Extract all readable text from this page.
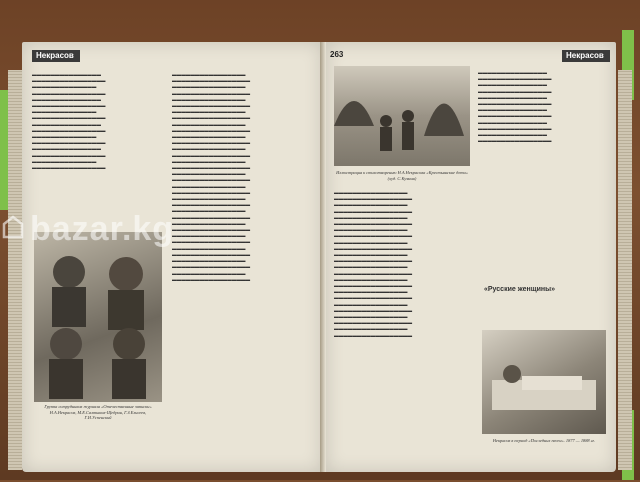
Некрасов
▬▬▬▬▬▬▬▬▬▬▬▬▬▬▬ ▬▬▬▬▬▬▬▬▬▬▬▬▬▬▬▬ ▬▬▬▬▬▬▬▬▬▬▬▬▬▬ ▬▬▬▬▬▬▬▬▬▬▬▬▬▬▬▬ ▬▬▬▬▬▬▬▬▬▬▬▬▬▬▬ ▬▬▬▬▬▬▬▬▬▬▬▬▬▬▬▬ ▬▬▬▬▬▬▬▬▬▬▬▬▬▬ ▬▬▬▬▬▬▬▬▬▬▬▬▬▬▬▬ ▬▬▬▬▬▬▬▬▬▬▬▬▬▬▬ ▬▬▬▬▬▬▬▬▬▬▬▬▬▬▬▬ ▬▬▬▬▬▬▬▬▬▬▬▬▬▬ ▬▬▬▬▬▬▬▬▬▬▬▬▬▬▬▬ ▬▬▬▬▬▬▬▬▬▬▬▬▬▬▬ ▬▬▬▬▬▬▬▬▬▬▬▬▬▬▬▬ ▬▬▬▬▬▬▬▬▬▬▬▬▬▬ ▬▬▬▬▬▬▬▬▬▬▬▬▬▬▬▬
▬▬▬▬▬▬▬▬▬▬▬▬▬▬▬▬ ▬▬▬▬▬▬▬▬▬▬▬▬▬▬▬▬▬ ▬▬▬▬▬▬▬▬▬▬▬▬▬▬▬▬ ▬▬▬▬▬▬▬▬▬▬▬▬▬▬▬▬▬ ▬▬▬▬▬▬▬▬▬▬▬▬▬▬▬▬ ▬▬▬▬▬▬▬▬▬▬▬▬▬▬▬▬▬ ▬▬▬▬▬▬▬▬▬▬▬▬▬▬▬▬ ▬▬▬▬▬▬▬▬▬▬▬▬▬▬▬▬▬ ▬▬▬▬▬▬▬▬▬▬▬▬▬▬▬▬ ▬▬▬▬▬▬▬▬▬▬▬▬▬▬▬▬▬ ▬▬▬▬▬▬▬▬▬▬▬▬▬▬▬▬ ▬▬▬▬▬▬▬▬▬▬▬▬▬▬▬▬▬ ▬▬▬▬▬▬▬▬▬▬▬▬▬▬▬▬ ▬▬▬▬▬▬▬▬▬▬▬▬▬▬▬▬▬ ▬▬▬▬▬▬▬▬▬▬▬▬▬▬▬▬ ▬▬▬▬▬▬▬▬▬▬▬▬▬▬▬▬▬ ▬▬▬▬▬▬▬▬▬▬▬▬▬▬▬▬ ▬▬▬▬▬▬▬▬▬▬▬▬▬▬▬▬▬ ▬▬▬▬▬▬▬▬▬▬▬▬▬▬▬▬ ▬▬▬▬▬▬▬▬▬▬▬▬▬▬▬▬▬ ▬▬▬▬▬▬▬▬▬▬▬▬▬▬▬▬ ▬▬▬▬▬▬▬▬▬▬▬▬▬▬▬▬▬ ▬▬▬▬▬▬▬▬▬▬▬▬▬▬▬▬ ▬▬▬▬▬▬▬▬▬▬▬▬▬▬▬▬▬ ▬▬▬▬▬▬▬▬▬▬▬▬▬▬▬▬ ▬▬▬▬▬▬▬▬▬▬▬▬▬▬▬▬▬ ▬▬▬▬▬▬▬▬▬▬▬▬▬▬▬▬ ▬▬▬▬▬▬▬▬▬▬▬▬▬▬▬▬▬ ▬▬▬▬▬▬▬▬▬▬▬▬▬▬▬▬ ▬▬▬▬▬▬▬▬▬▬▬▬▬▬▬▬▬ ▬▬▬▬▬▬▬▬▬▬▬▬▬▬▬▬ ▬▬▬▬▬▬▬▬▬▬▬▬▬▬▬▬▬ ▬▬▬▬▬▬▬▬▬▬▬▬▬▬▬▬ ▬▬▬▬▬▬▬▬▬▬▬▬▬▬▬▬▬
Группа сотрудников журнала «Отечественные записки» Н.А.Некрасов, М.Е.Салтыков-Щедрин, Г.З.Елисеев, Г.И.Успенский
263	Некрасов
Иллюстрация к стихотворению Н.А.Некрасова «Крестьянские дети» (худ. С.Кузмин)
▬▬▬▬▬▬▬▬▬▬▬▬▬▬▬▬ ▬▬▬▬▬▬▬▬▬▬▬▬▬▬▬▬▬ ▬▬▬▬▬▬▬▬▬▬▬▬▬▬▬▬ ▬▬▬▬▬▬▬▬▬▬▬▬▬▬▬▬▬ ▬▬▬▬▬▬▬▬▬▬▬▬▬▬▬▬ ▬▬▬▬▬▬▬▬▬▬▬▬▬▬▬▬▬ ▬▬▬▬▬▬▬▬▬▬▬▬▬▬▬▬ ▬▬▬▬▬▬▬▬▬▬▬▬▬▬▬▬▬ ▬▬▬▬▬▬▬▬▬▬▬▬▬▬▬▬ ▬▬▬▬▬▬▬▬▬▬▬▬▬▬▬▬▬ ▬▬▬▬▬▬▬▬▬▬▬▬▬▬▬▬ ▬▬▬▬▬▬▬▬▬▬▬▬▬▬▬▬▬ ▬▬▬▬▬▬▬▬▬▬▬▬▬▬▬▬ ▬▬▬▬▬▬▬▬▬▬▬▬▬▬▬▬▬ ▬▬▬▬▬▬▬▬▬▬▬▬▬▬▬▬ ▬▬▬▬▬▬▬▬▬▬▬▬▬▬▬▬▬ ▬▬▬▬▬▬▬▬▬▬▬▬▬▬▬▬ ▬▬▬▬▬▬▬▬▬▬▬▬▬▬▬▬▬ ▬▬▬▬▬▬▬▬▬▬▬▬▬▬▬▬ ▬▬▬▬▬▬▬▬▬▬▬▬▬▬▬▬▬ ▬▬▬▬▬▬▬▬▬▬▬▬▬▬▬▬ ▬▬▬▬▬▬▬▬▬▬▬▬▬▬▬▬▬ ▬▬▬▬▬▬▬▬▬▬▬▬▬▬▬▬ ▬▬▬▬▬▬▬▬▬▬▬▬▬▬▬▬▬
▬▬▬▬▬▬▬▬▬▬▬▬▬▬▬ ▬▬▬▬▬▬▬▬▬▬▬▬▬▬▬▬ ▬▬▬▬▬▬▬▬▬▬▬▬▬▬▬ ▬▬▬▬▬▬▬▬▬▬▬▬▬▬▬▬ ▬▬▬▬▬▬▬▬▬▬▬▬▬▬▬ ▬▬▬▬▬▬▬▬▬▬▬▬▬▬▬▬ ▬▬▬▬▬▬▬▬▬▬▬▬▬▬▬ ▬▬▬▬▬▬▬▬▬▬▬▬▬▬▬▬ ▬▬▬▬▬▬▬▬▬▬▬▬▬▬▬ ▬▬▬▬▬▬▬▬▬▬▬▬▬▬▬▬ ▬▬▬▬▬▬▬▬▬▬▬▬▬▬▬ ▬▬▬▬▬▬▬▬▬▬▬▬▬▬▬▬
«Русские женщины»
Некрасов в период «Последних песен». 1877 — 1888 гг.
bazar.kg
